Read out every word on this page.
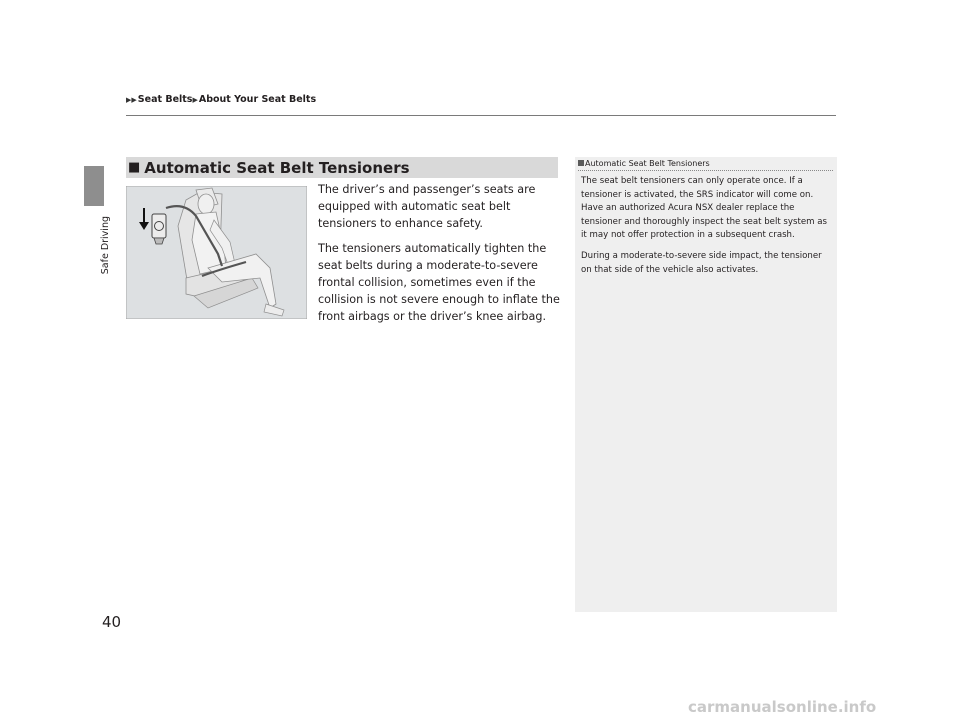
Safe Driving
▶▶Seat Belts▶About Your Seat Belts
■ Automatic Seat Belt Tensioners

The driver’s and passenger’s seats are equipped with automatic seat belt tensioners to enhance safety.

The tensioners automatically tighten the seat belts during a moderate-to-severe frontal collision, sometimes even if the collision is not severe enough to inflate the front airbags or the driver’s knee airbag.

Automatic Seat Belt Tensioners

The seat belt tensioners can only operate once. If a tensioner is activated, the SRS indicator will come on. Have an authorized Acura NSX dealer replace the tensioner and thoroughly inspect the seat belt system as it may not offer protection in a subsequent crash.

During a moderate-to-severe side impact, the tensioner on that side of the vehicle also activates.

40
carmanualsonline.info
